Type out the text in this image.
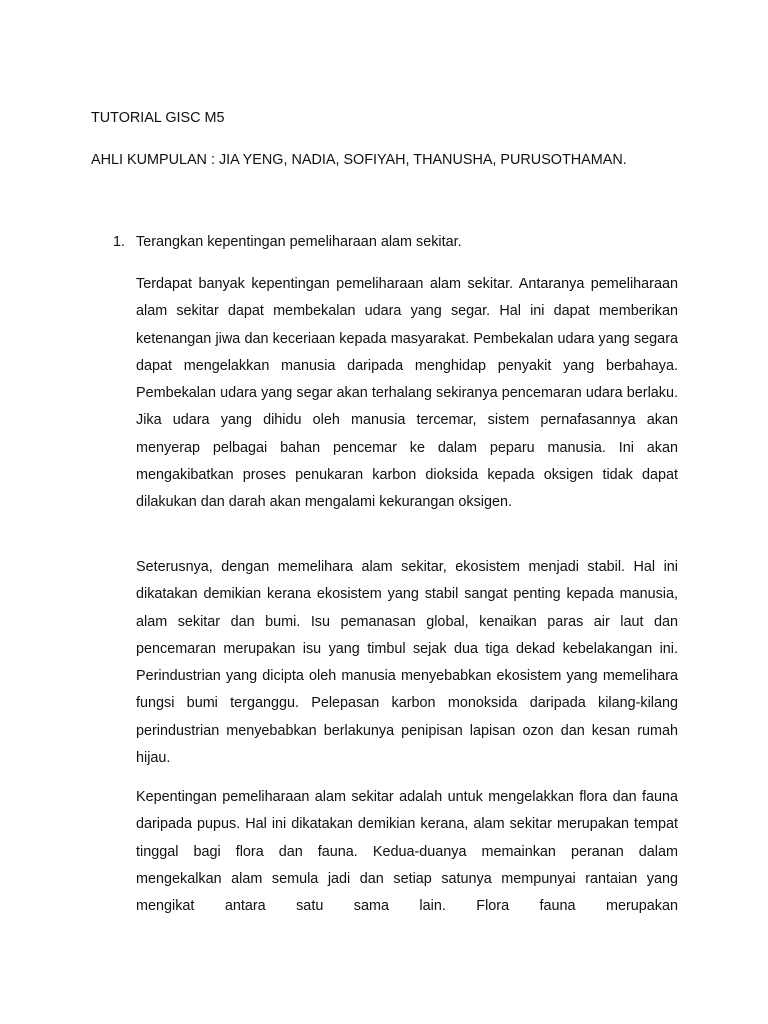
TUTORIAL GISC M5
AHLI KUMPULAN : JIA YENG, NADIA, SOFIYAH, THANUSHA, PURUSOTHAMAN.
1. Terangkan kepentingan pemeliharaan alam sekitar.

Terdapat banyak kepentingan pemeliharaan alam sekitar. Antaranya pemeliharaan alam sekitar dapat membekalan udara yang segar. Hal ini dapat memberikan ketenangan jiwa dan keceriaan kepada masyarakat. Pembekalan udara yang segara dapat mengelakkan manusia daripada menghidap penyakit yang berbahaya. Pembekalan udara yang segar akan terhalang sekiranya pencemaran udara berlaku. Jika udara yang dihidu oleh manusia tercemar, sistem pernafasannya akan menyerap pelbagai bahan pencemar ke dalam peparu manusia. Ini akan mengakibatkan proses penukaran karbon dioksida kepada oksigen tidak dapat dilakukan dan darah akan mengalami kekurangan oksigen.

Seterusnya, dengan memelihara alam sekitar, ekosistem menjadi stabil. Hal ini dikatakan demikian kerana ekosistem yang stabil sangat penting kepada manusia, alam sekitar dan bumi. Isu pemanasan global, kenaikan paras air laut dan pencemaran merupakan isu yang timbul sejak dua tiga dekad kebelakangan ini. Perindustrian yang dicipta oleh manusia menyebabkan ekosistem yang memelihara fungsi bumi terganggu. Pelepasan karbon monoksida daripada kilang-kilang perindustrian menyebabkan berlakunya penipisan lapisan ozon dan kesan rumah hijau.

Kepentingan pemeliharaan alam sekitar adalah untuk mengelakkan flora dan fauna daripada pupus. Hal ini dikatakan demikian kerana, alam sekitar merupakan tempat tinggal bagi flora dan fauna. Kedua-duanya memainkan peranan dalam mengekalkan alam semula jadi dan setiap satunya mempunyai rantaian yang mengikat antara satu sama lain. Flora fauna merupakan
